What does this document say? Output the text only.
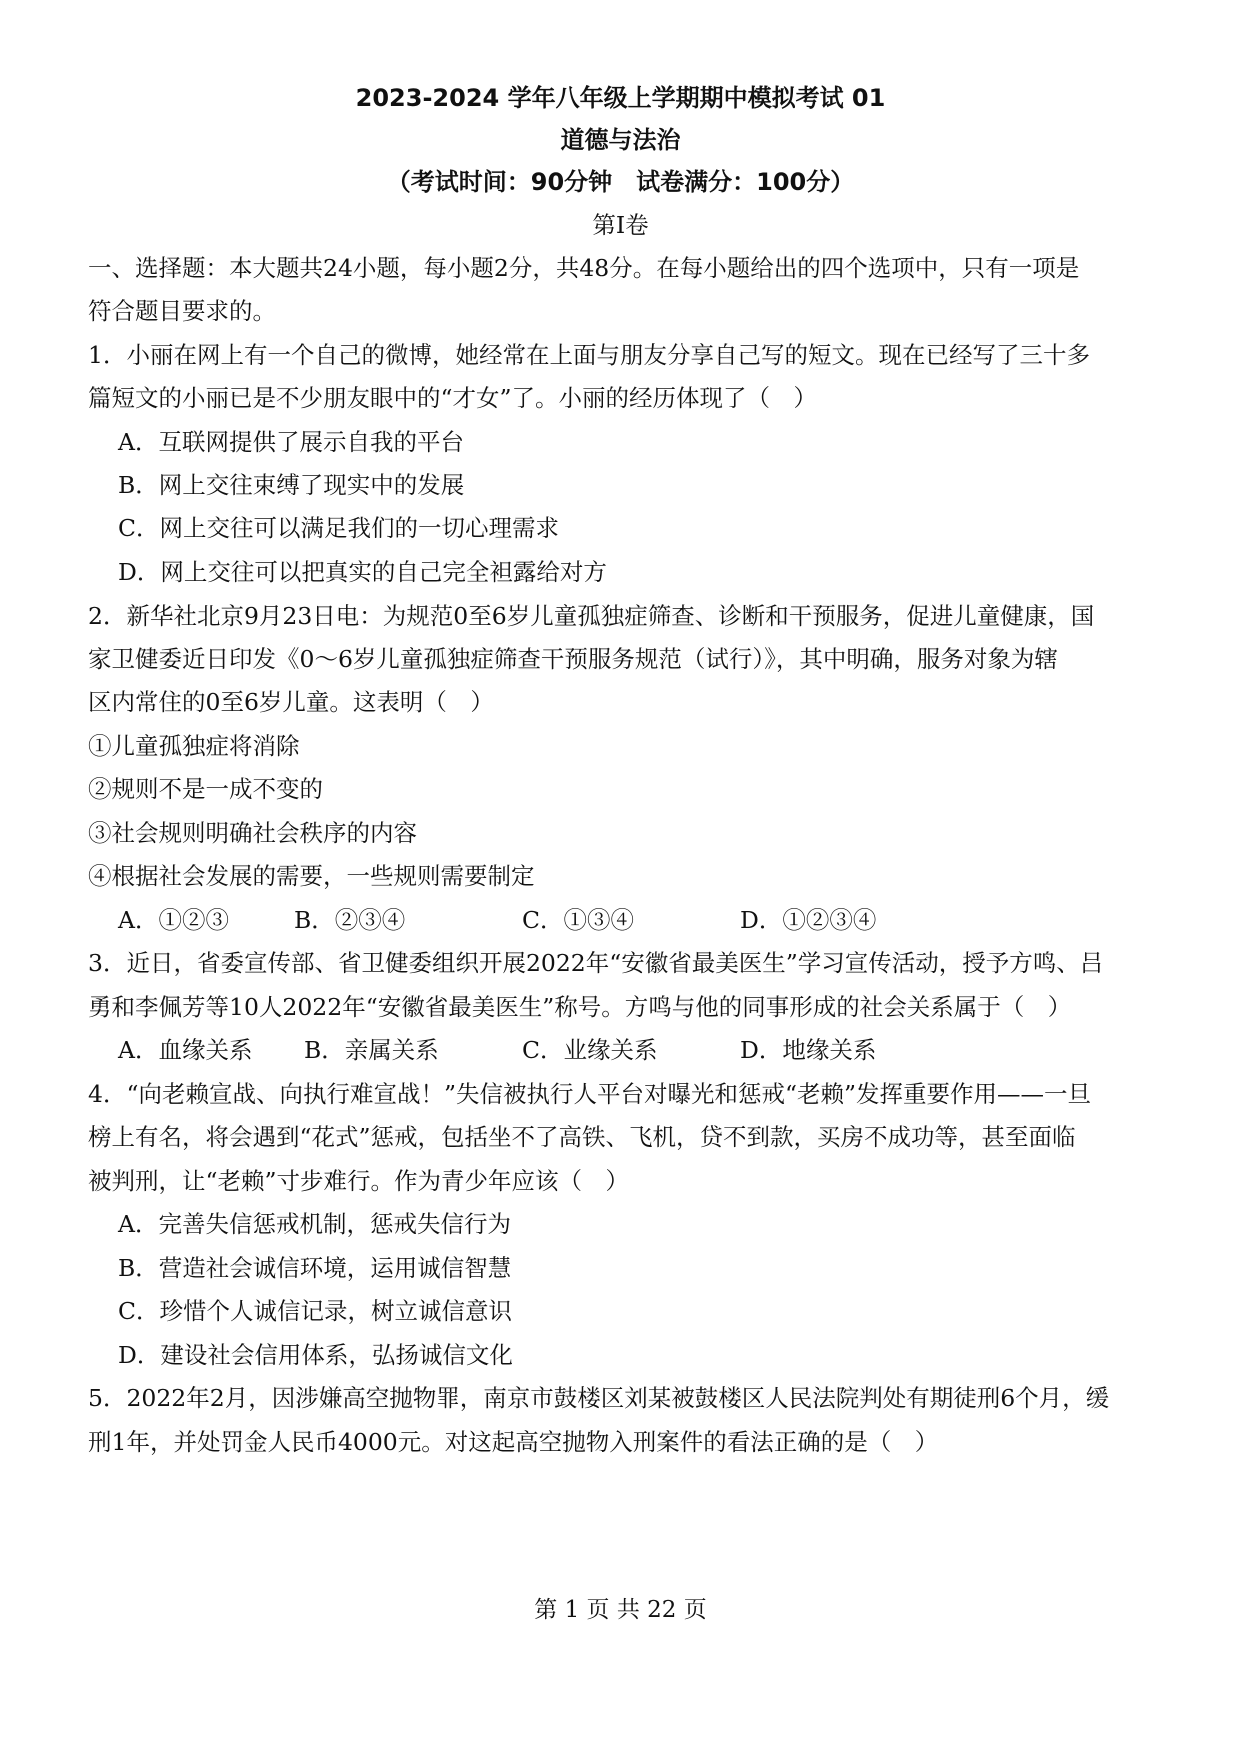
2023-2024 学年八年级上学期期中模拟考试 01
道德与法治
（考试时间：90分钟　试卷满分：100分）
第I卷
一、选择题：本大题共24小题，每小题2分，共48分。在每小题给出的四个选项中，只有一项是
符合题目要求的。
1．小丽在网上有一个自己的微博，她经常在上面与朋友分享自己写的短文。现在已经写了三十多
篇短文的小丽已是不少朋友眼中的“才女”了。小丽的经历体现了（　）
A．互联网提供了展示自我的平台
B．网上交往束缚了现实中的发展
C．网上交往可以满足我们的一切心理需求
D．网上交往可以把真实的自己完全袒露给对方
2．新华社北京9月23日电：为规范0至6岁儿童孤独症筛查、诊断和干预服务，促进儿童健康，国
家卫健委近日印发《0～6岁儿童孤独症筛查干预服务规范（试行）》，其中明确，服务对象为辖
区内常住的0至6岁儿童。这表明（　）
①儿童孤独症将消除
②规则不是一成不变的
③社会规则明确社会秩序的内容
④根据社会发展的需要，一些规则需要制定
A．①②③	B．②③④	C．①③④	D．①②③④
3．近日，省委宣传部、省卫健委组织开展2022年“安徽省最美医生”学习宣传活动，授予方鸣、吕
勇和李佩芳等10人2022年“安徽省最美医生”称号。方鸣与他的同事形成的社会关系属于（　）
A．血缘关系 B．亲属关系	C．业缘关系	D．地缘关系
4．“向老赖宣战、向执行难宣战！”失信被执行人平台对曝光和惩戒“老赖”发挥重要作用——一旦
榜上有名，将会遇到“花式”惩戒，包括坐不了高铁、飞机，贷不到款，买房不成功等，甚至面临
被判刑，让“老赖”寸步难行。作为青少年应该（　）
A．完善失信惩戒机制，惩戒失信行为
B．营造社会诚信环境，运用诚信智慧
C．珍惜个人诚信记录，树立诚信意识
D．建设社会信用体系，弘扬诚信文化
5．2022年2月，因涉嫌高空抛物罪，南京市鼓楼区刘某被鼓楼区人民法院判处有期徒刑6个月，缓
刑1年，并处罚金人民币4000元。对这起高空抛物入刑案件的看法正确的是（　）
第 1 页 共 22 页
